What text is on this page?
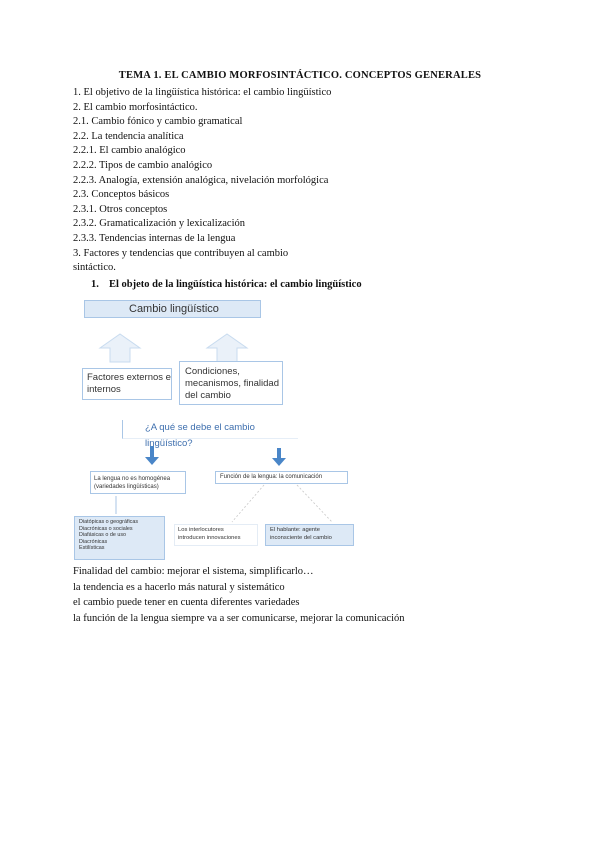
TEMA 1. EL CAMBIO MORFOSINTÁCTICO. CONCEPTOS GENERALES
1. El objetivo de la lingüística histórica: el cambio lingüístico
2. El cambio morfosintáctico.
2.1. Cambio fónico y cambio gramatical
2.2. La tendencia analítica
2.2.1. El cambio analógico
2.2.2. Tipos de cambio analógico
2.2.3. Analogía, extensión analógica, nivelación morfológica
2.3. Conceptos básicos
2.3.1. Otros conceptos
2.3.2. Gramaticalización y lexicalización
2.3.3. Tendencias internas de la lengua
3. Factores y tendencias que contribuyen al cambio
sintáctico.
1. El objeto de la lingüística histórica: el cambio lingüístico
Cambio lingüístico
Factores externos e
internos
Condiciones,
mecanismos, finalidad
del cambio
¿A qué se debe el cambio lingüístico?
La lengua no es homogénea
(variedades lingüísticas)
Función de la lengua: la comunicación
Diatópicas o geográficas
Diacrónicas o sociales
Diafásicas o de uso
Diacrónicas
Estilísticas
Los interlocutores
introducen innovaciones
El hablante: agente
inconsciente del cambio
Finalidad del cambio: mejorar el sistema, simplificarlo…
la tendencia es a hacerlo más natural y sistemático
el cambio puede tener en cuenta diferentes variedades
la función de la lengua siempre va a ser comunicarse, mejorar la comunicación
